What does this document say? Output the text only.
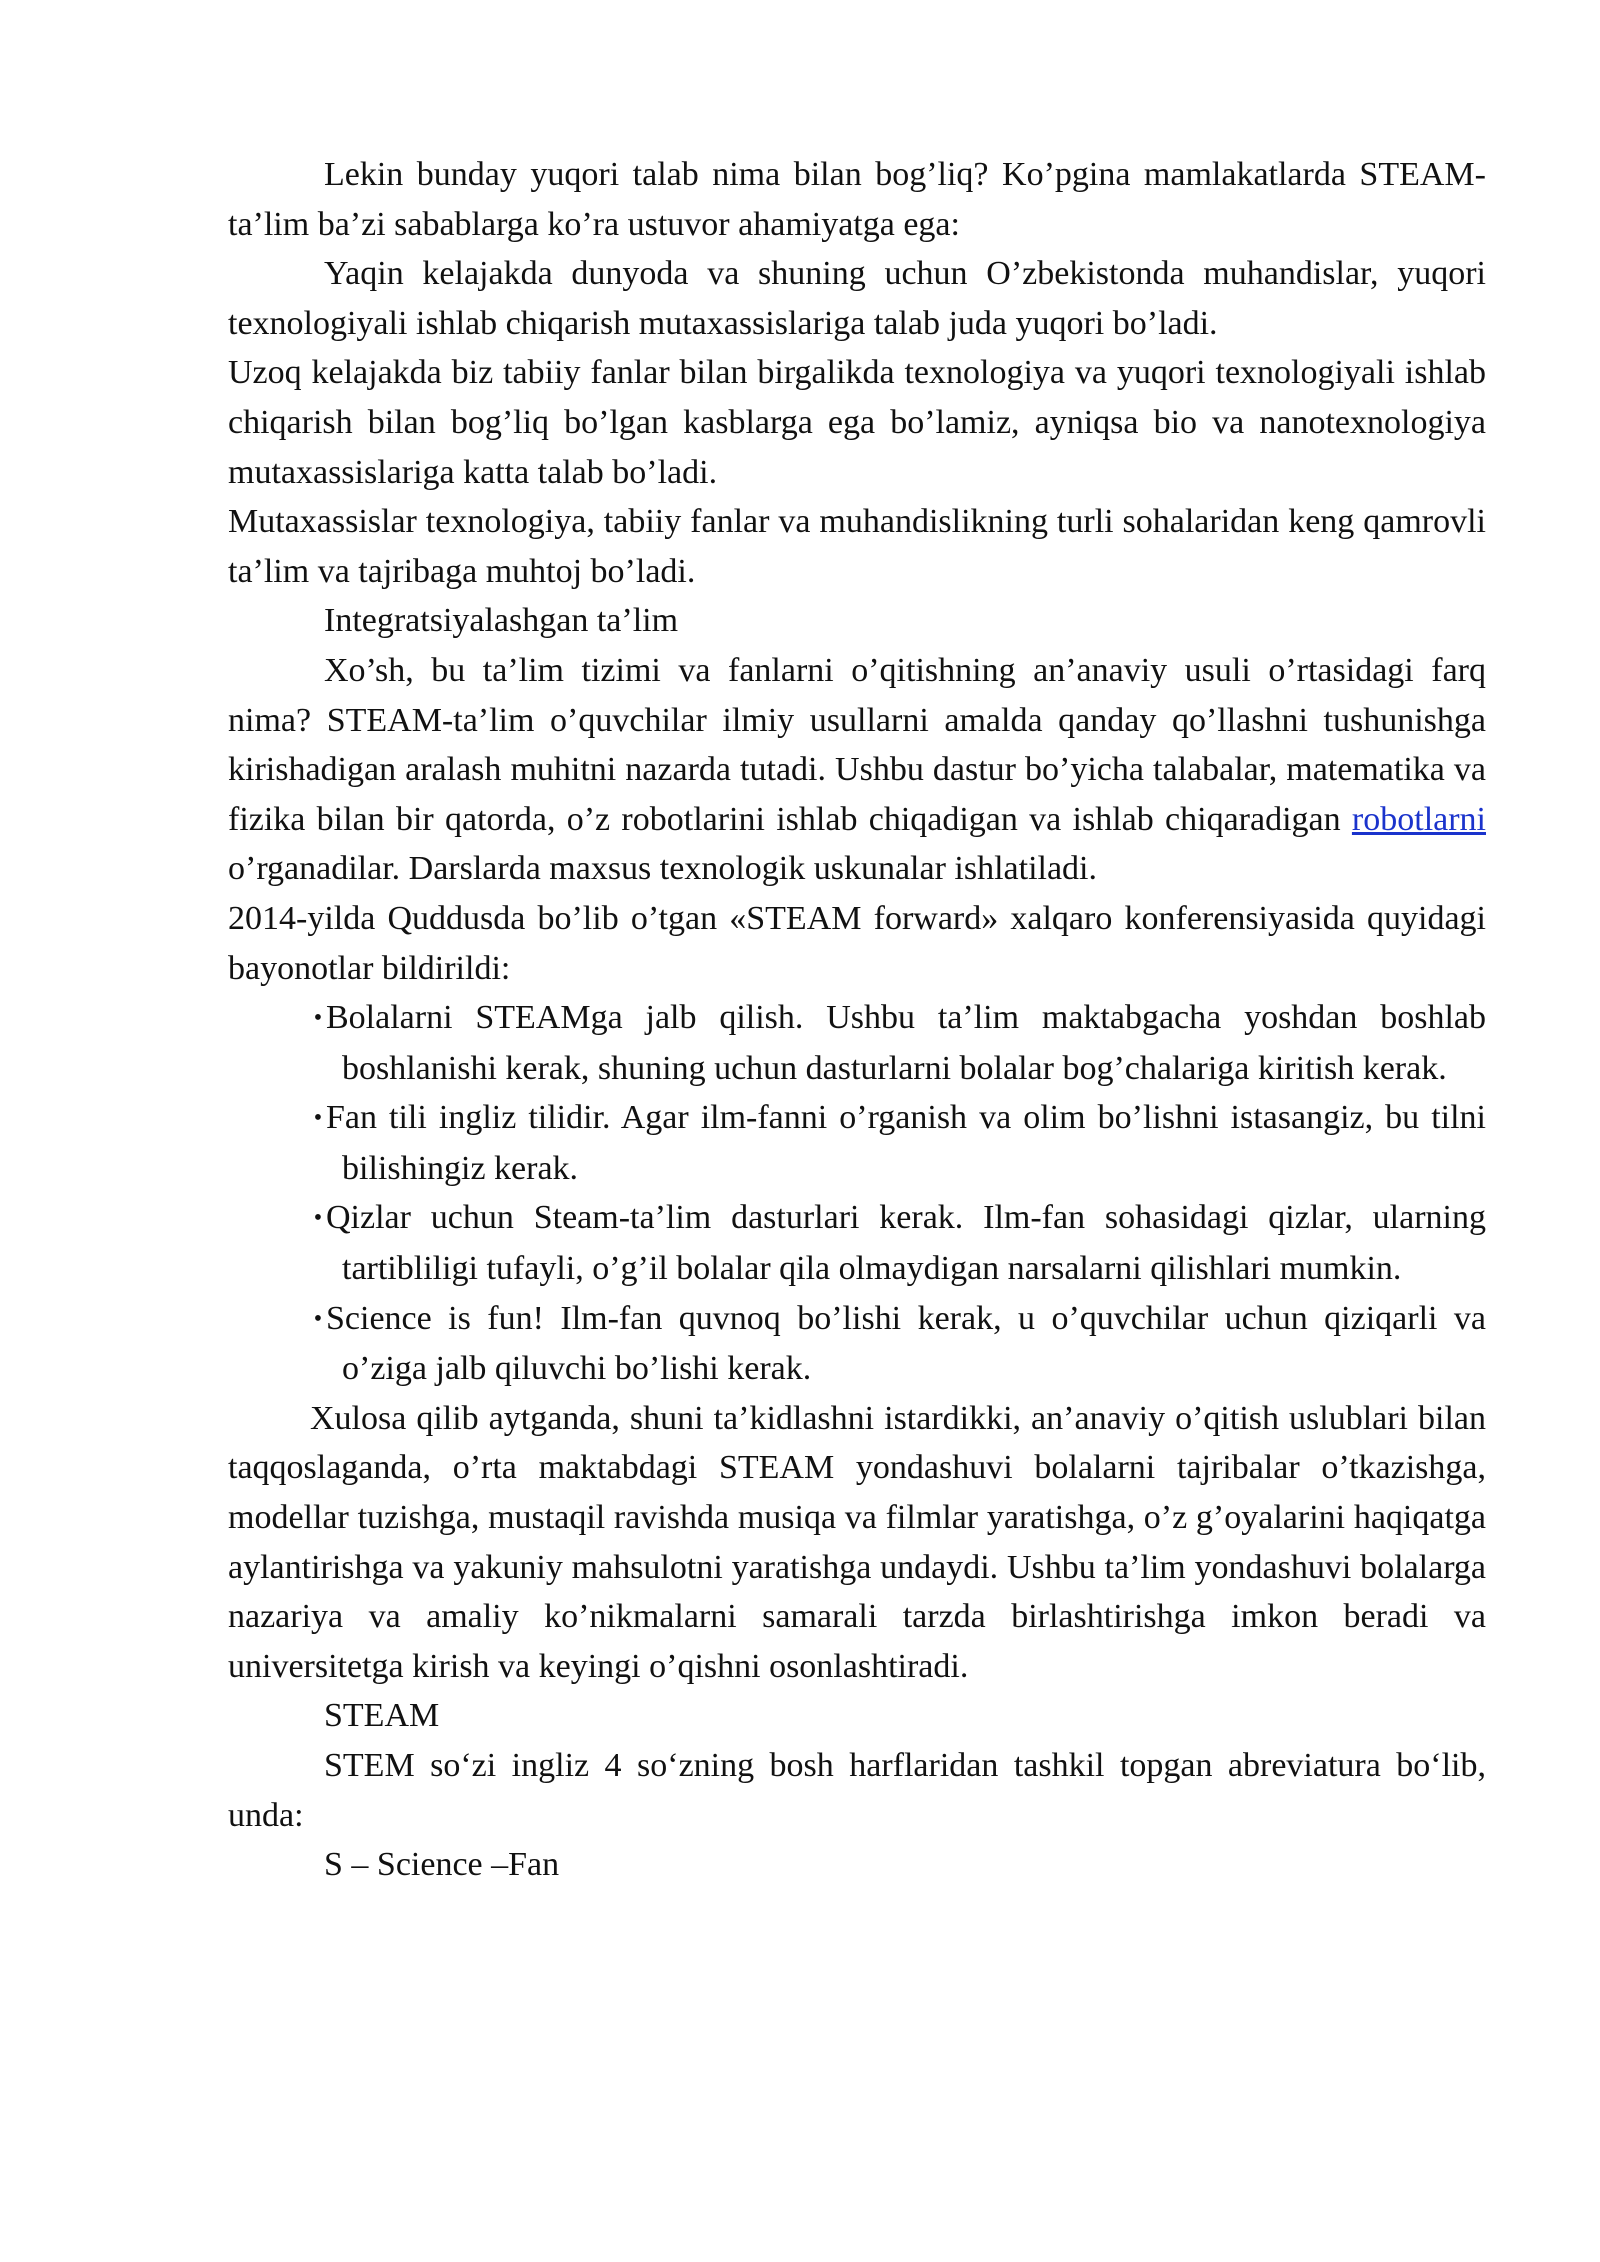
Lekin bunday yuqori talab nima bilan bog’liq? Ko’pgina mamlakatlarda STEAM-ta’lim ba’zi sabablarga ko’ra ustuvor ahamiyatga ega:

Yaqin kelajakda dunyoda va shuning uchun O’zbekistonda muhandislar, yuqori texnologiyali ishlab chiqarish mutaxassislariga talab juda yuqori bo’ladi.

Uzoq kelajakda biz tabiiy fanlar bilan birgalikda texnologiya va yuqori texnologiyali ishlab chiqarish bilan bog’liq bo’lgan kasblarga ega bo’lamiz, ayniqsa bio va nanotexnologiya mutaxassislariga katta talab bo’ladi.

Mutaxassislar texnologiya, tabiiy fanlar va muhandislikning turli sohalaridan keng qamrovli ta’lim va tajribaga muhtoj bo’ladi.

Integratsiyalashgan ta’lim

Xo’sh, bu ta’lim tizimi va fanlarni o’qitishning an’anaviy usuli o’rtasidagi farq nima? STEAM-ta’lim o’quvchilar ilmiy usullarni amalda qanday qo’llashni tushunishga kirishadigan aralash muhitni nazarda tutadi. Ushbu dastur bo’yicha talabalar, matematika va fizika bilan bir qatorda, o’z robotlarini ishlab chiqadigan va ishlab chiqaradigan robotlarni o’rganadilar. Darslarda maxsus texnologik uskunalar ishlatiladi.

2014-yilda Quddusda bo’lib o’tgan «STEAM forward» xalqaro konferensiyasida quyidagi bayonotlar bildirildi:

• Bolalarni STEAMga jalb qilish. Ushbu ta’lim maktabgacha yoshdan boshlab boshlanishi kerak, shuning uchun dasturlarni bolalar bog’chalariga kiritish kerak.
• Fan tili ingliz tilidir. Agar ilm-fanni o’rganish va olim bo’lishni istasangiz, bu tilni bilishingiz kerak.
• Qizlar uchun Steam-ta’lim dasturlari kerak. Ilm-fan sohasidagi qizlar, ularning tartibliligi tufayli, o’g’il bolalar qila olmaydigan narsalarni qilishlari mumkin.
• Science is fun! Ilm-fan quvnoq bo’lishi kerak, u o’quvchilar uchun qiziqarli va o’ziga jalb qiluvchi bo’lishi kerak.

Xulosa qilib aytganda, shuni ta’kidlashni istardikki, an’anaviy o’qitish uslublari bilan taqqoslaganda, o’rta maktabdagi STEAM yondashuvi bolalarni tajribalar o’tkazishga, modellar tuzishga, mustaqil ravishda musiqa va filmlar yaratishga, o’z g’oyalarini haqiqatga aylantirishga va yakuniy mahsulotni yaratishga undaydi. Ushbu ta’lim yondashuvi bolalarga nazariya va amaliy ko’nikmalarni samarali tarzda birlashtirishga imkon beradi va universitetga kirish va keyingi o’qishni osonlashtiradi.

STEAM

STEM so‘zi ingliz 4 so‘zning bosh harflaridan tashkil topgan abreviatura bo‘lib, unda:

S – Science –Fan
